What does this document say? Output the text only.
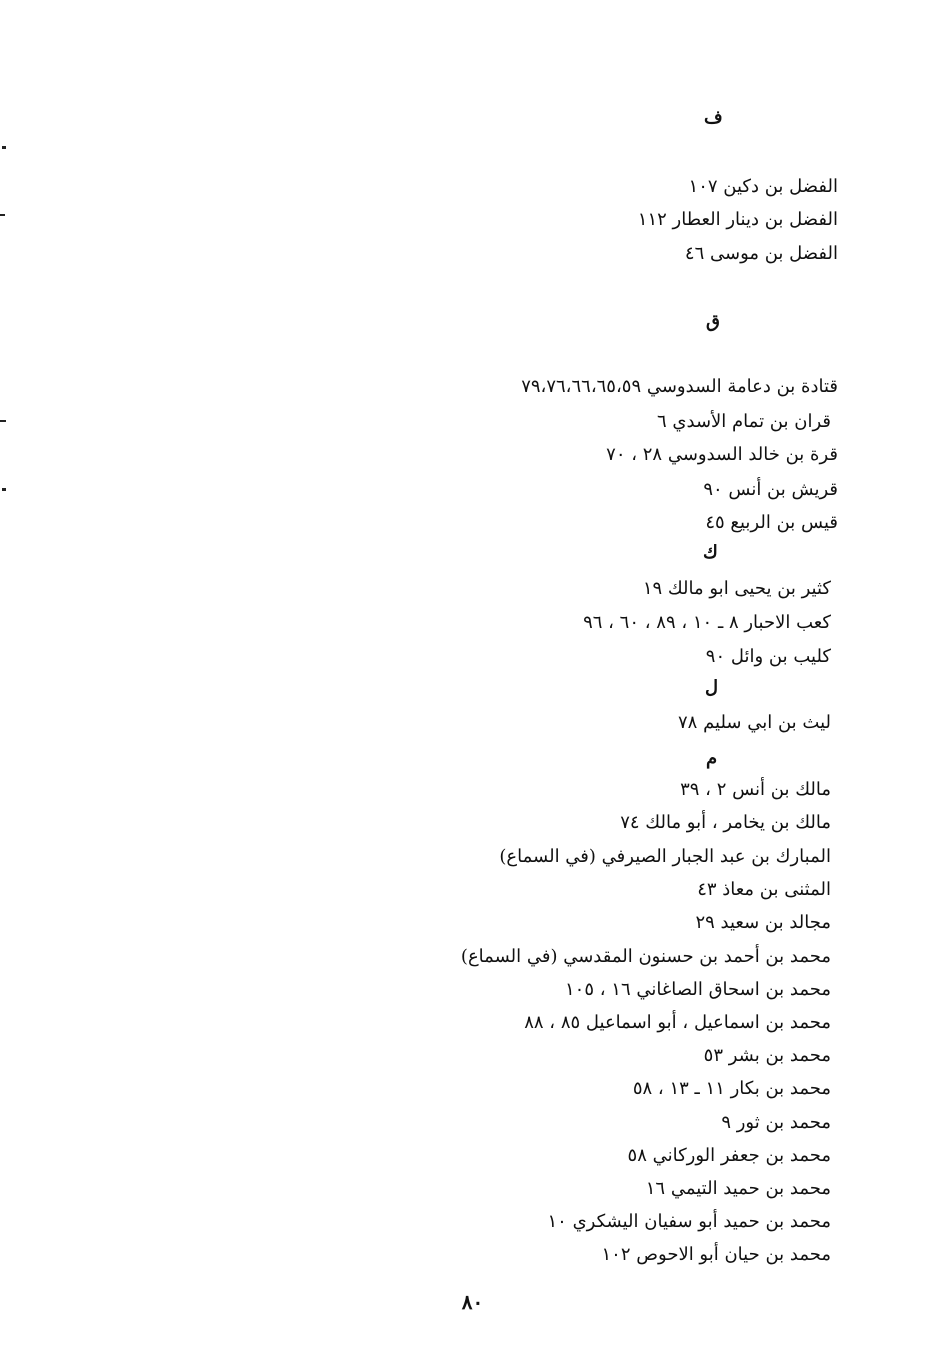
ف
الفضل بن دكين ١٠٧
الفضل بن دينار العطار ١١٢
الفضل بن موسى ٤٦
ق
قتادة بن دعامة السدوسي ٧٩،٧٦،٦٦،٦٥،٥٩
قران بن تمام الأسدي ٦
قرة بن خالد السدوسي ٢٨ ، ٧٠
قريش بن أنس ٩٠
قيس بن الربيع ٤٥
ك
كثير بن يحيى ابو مالك ١٩
كعب الاحبار ٨ ـ ١٠ ، ٨٩ ، ٦٠ ، ٩٦
كليب بن وائل ٩٠
ل
ليث بن ابي سليم ٧٨
م
مالك بن أنس ٢ ، ٣٩
مالك بن يخامر ، أبو مالك ٧٤
المبارك بن عبد الجبار الصيرفي (في السماع)
المثنى بن معاذ ٤٣
مجالد بن سعيد ٢٩
محمد بن أحمد بن حسنون المقدسي (في السماع)
محمد بن اسحاق الصاغاني ١٦ ، ١٠٥
محمد بن اسماعيل ، أبو اسماعيل ٨٥ ، ٨٨
محمد بن بشر ٥٣
محمد بن بكار ١١ ـ ١٣ ، ٥٨
محمد بن ثور ٩
محمد بن جعفر الوركاني ٥٨
محمد بن حميد التيمي ١٦
محمد بن حميد أبو سفيان اليشكري ١٠
محمد بن حيان أبو الاحوص ١٠٢
٨٠
